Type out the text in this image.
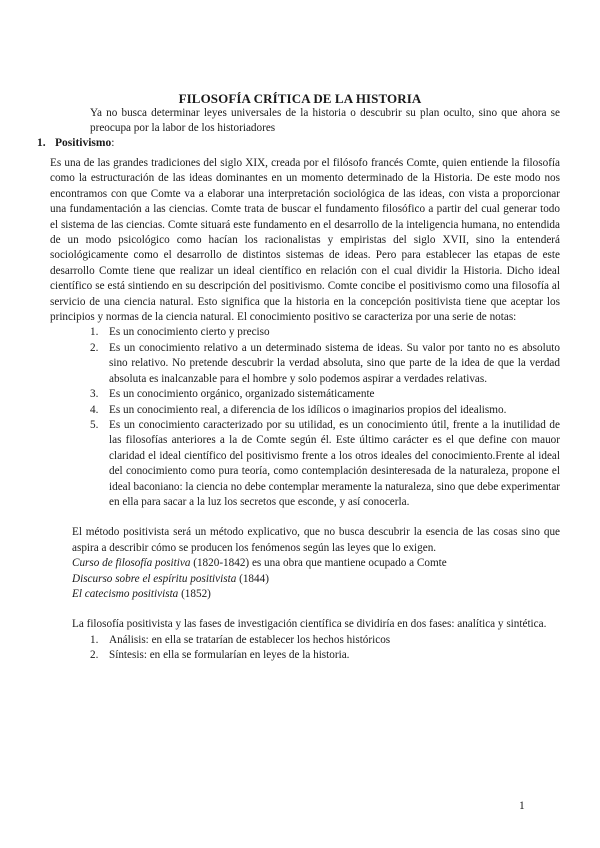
FILOSOFÍA CRÍTICA DE LA HISTORIA
Ya no busca determinar leyes universales de la historia o descubrir su plan oculto, sino que ahora se preocupa por la labor de los historiadores
1. Positivismo:

Es una de las grandes tradiciones del siglo XIX, creada por el filósofo francés Comte, quien entiende la filosofía como la estructuración de las ideas dominantes en un momento determinado de la Historia. De este modo nos encontramos con que Comte va a elaborar una interpretación sociológica de las ideas, con vista a proporcionar una fundamentación a las ciencias. Comte trata de buscar el fundamento filosófico a partir del cual generar todo el sistema de las ciencias. Comte situará este fundamento en el desarrollo de la inteligencia humana, no entendida de un modo psicológico como hacían los racionalistas y empiristas del siglo XVII, sino la entenderá sociológicamente como el desarrollo de distintos sistemas de ideas. Pero para establecer las etapas de este desarrollo Comte tiene que realizar un ideal científico en relación con el cual dividir la Historia. Dicho ideal científico se está sintiendo en su descripción del positivismo. Comte concibe el positivismo como una filosofía al servicio de una ciencia natural. Esto significa que la historia en la concepción positivista tiene que aceptar los principios y normas de la ciencia natural. El conocimiento positivo se caracteriza por una serie de notas:

1. Es un conocimiento cierto y preciso
2. Es un conocimiento relativo a un determinado sistema de ideas. Su valor por tanto no es absoluto sino relativo. No pretende descubrir la verdad absoluta, sino que parte de la idea de que la verdad absoluta es inalcanzable para el hombre y solo podemos aspirar a verdades relativas.
3. Es un conocimiento orgánico, organizado sistemáticamente
4. Es un conocimiento real, a diferencia de los idílicos o imaginarios propios del idealismo.
5. Es un conocimiento caracterizado por su utilidad, es un conocimiento útil, frente a la inutilidad de las filosofías anteriores a la de Comte según él. Este último carácter es el que define con mauor claridad el ideal científico del positivismo frente a los otros ideales del conocimiento.Frente al ideal del conocimiento como pura teoría, como contemplación desinteresada de la naturaleza, propone el ideal baconiano: la ciencia no debe contemplar meramente la naturaleza, sino que debe experimentar en ella para sacar a la luz los secretos que esconde, y así conocerla.

El método positivista será un método explicativo, que no busca descubrir la esencia de las cosas sino que aspira a describir cómo se producen los fenómenos según las leyes que lo exigen.

Curso de filosofía positiva (1820-1842) es una obra que mantiene ocupado a Comte

Discurso sobre el espíritu positivista (1844)

El catecismo positivista (1852)

La filosofía positivista y las fases de investigación científica se dividiría en dos fases: analítica y sintética.

1. Análisis: en ella se tratarían de establecer los hechos históricos
2. Síntesis: en ella se formularían en leyes de la historia.
1
